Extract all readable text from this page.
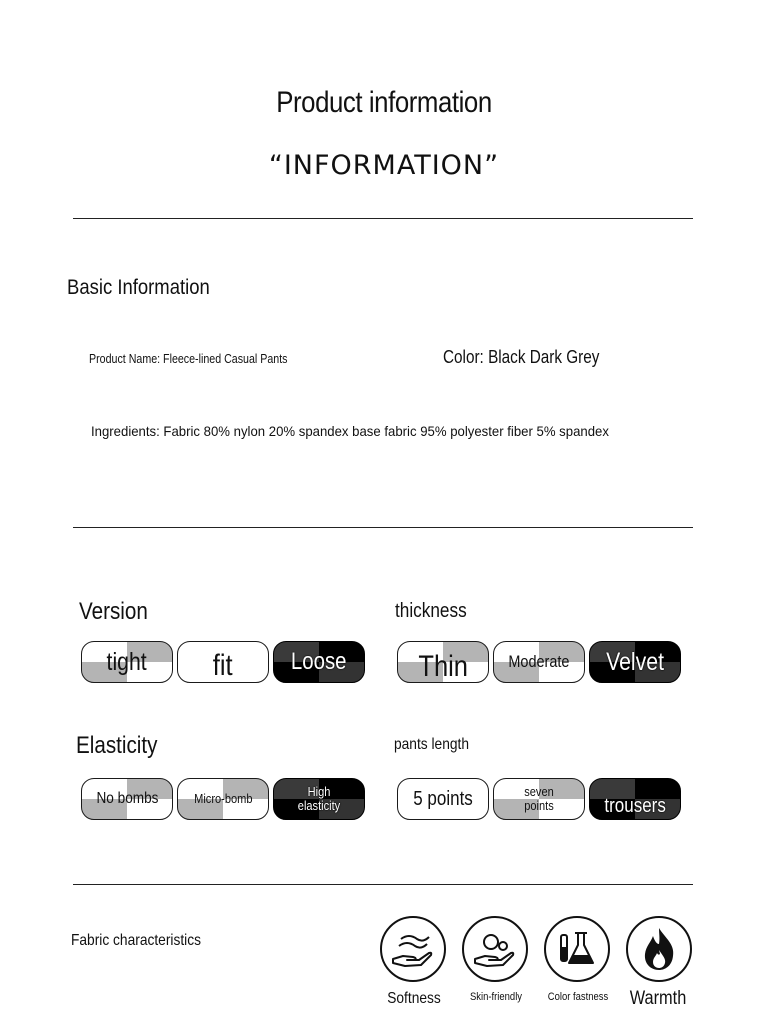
Product information
“INFORMATION”
Basic Information
Product Name: Fleece-lined Casual Pants	Color: Black Dark Grey
Ingredients: Fabric 80% nylon 20% spandex base fabric 95% polyester fiber 5% spandex
Version
tight fit Loose
thickness
Thin Moderate Velvet
Elasticity
No bombs	Micro-bomb	High elasticity
pants length
5 points	seven points	trousers
Fabric characteristics
Softness	Skin-friendly	Color fastness	Warmth
